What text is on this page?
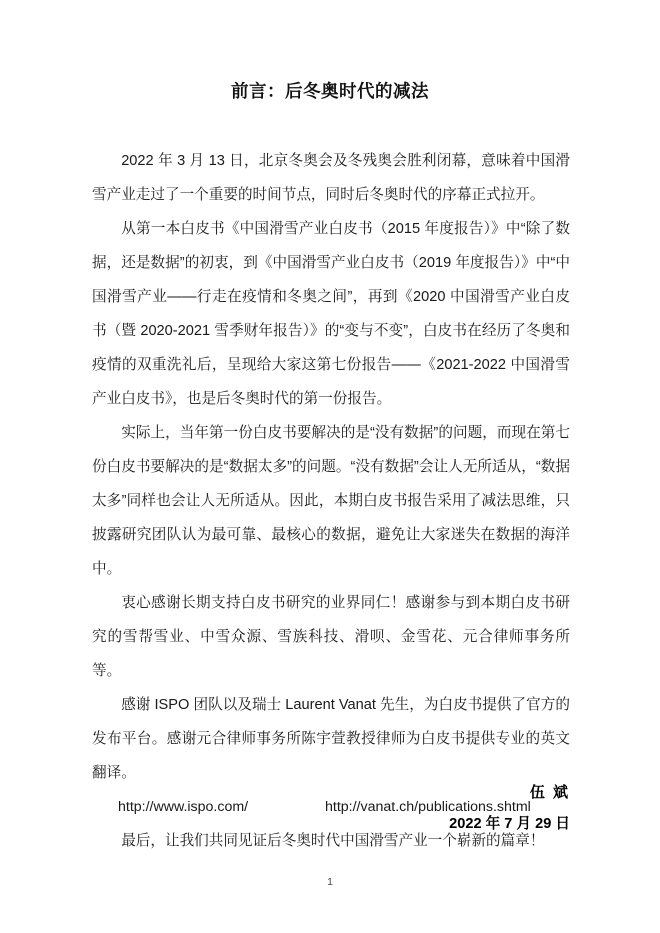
前言：后冬奥时代的减法

2022 年 3 月 13 日，北京冬奥会及冬残奥会胜利闭幕，意味着中国滑雪产业走过了一个重要的时间节点，同时后冬奥时代的序幕正式拉开。

从第一本白皮书《中国滑雪产业白皮书（2015 年度报告）》中“除了数据，还是数据”的初衷，到《中国滑雪产业白皮书（2019 年度报告）》中“中国滑雪产业——行走在疫情和冬奥之间”，再到《2020 中国滑雪产业白皮书（暨 2020-2021 雪季财年报告）》的“变与不变”，白皮书在经历了冬奥和疫情的双重洗礼后，呈现给大家这第七份报告——《2021-2022 中国滑雪产业白皮书》，也是后冬奥时代的第一份报告。

实际上，当年第一份白皮书要解决的是“没有数据”的问题，而现在第七份白皮书要解决的是“数据太多”的问题。“没有数据”会让人无所适从，“数据太多”同样也会让人无所适从。因此，本期白皮书报告采用了减法思维，只披露研究团队认为最可靠、最核心的数据，避免让大家迷失在数据的海洋中。

衷心感谢长期支持白皮书研究的业界同仁！感谢参与到本期白皮书研究的雪帮雪业、中雪众源、雪族科技、滑呗、金雪花、元合律师事务所等。

感谢 ISPO 团队以及瑞士 Laurent Vanat 先生，为白皮书提供了官方的发布平台。感谢元合律师事务所陈宇萱教授律师为白皮书提供专业的英文翻译。

http://www.ispo.com/	http://vanat.ch/publications.shtml

最后，让我们共同见证后冬奥时代中国滑雪产业一个崭新的篇章！

伍 斌
2022 年 7 月 29 日
1
